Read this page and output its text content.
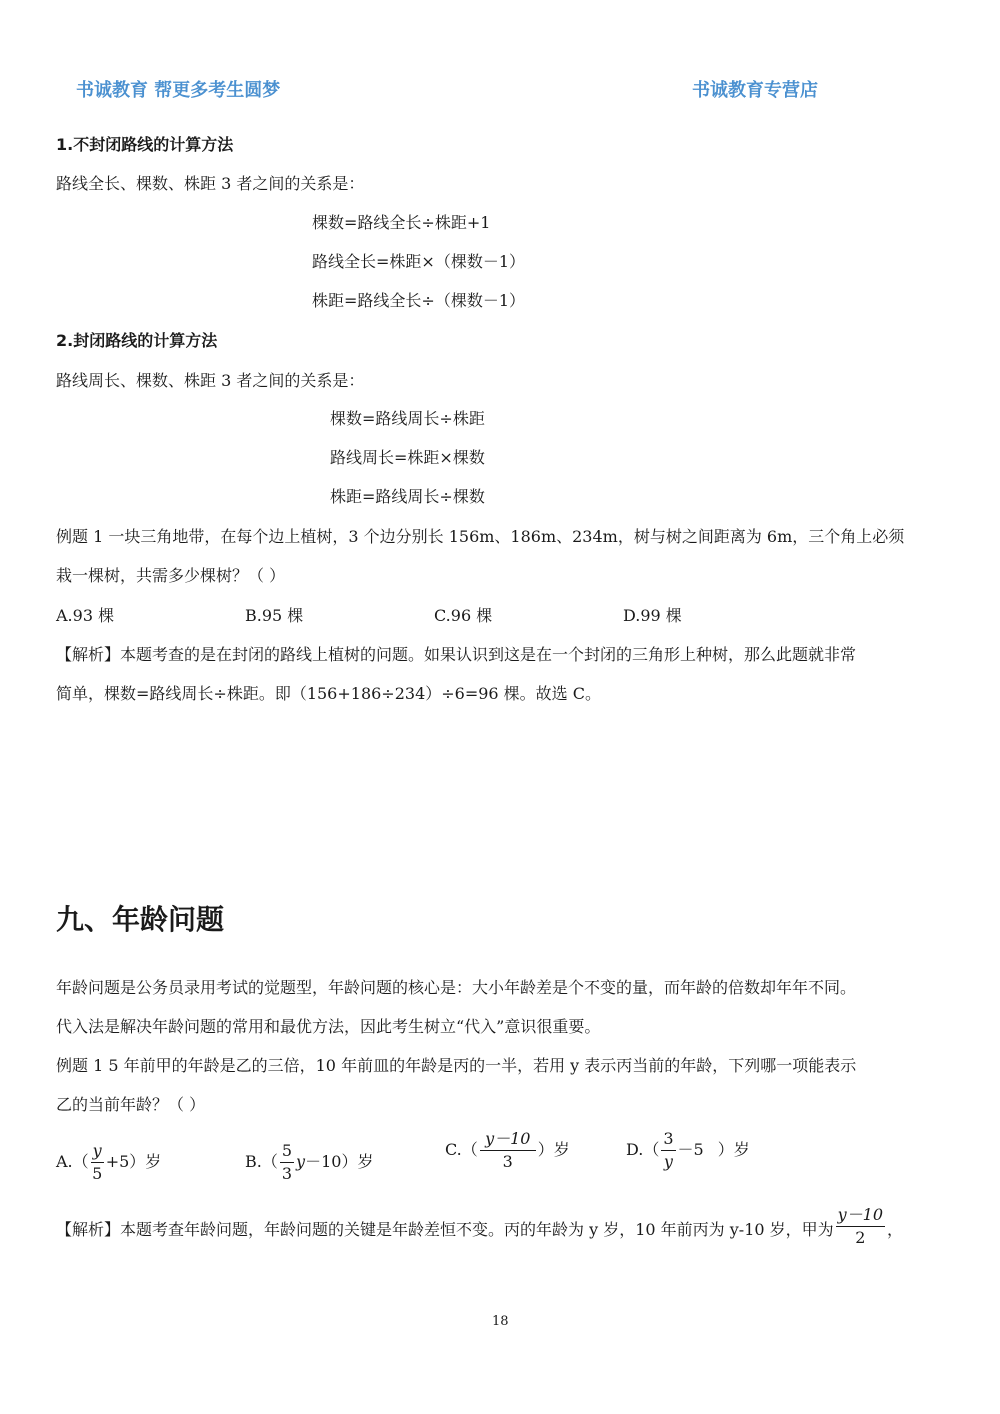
书诚教育 帮更多考生圆梦	书诚教育专营店
1.不封闭路线的计算方法
路线全长、棵数、株距 3 者之间的关系是：
棵数=路线全长÷株距+1
路线全长=株距×（棵数－1）
株距=路线全长÷（棵数－1）
2.封闭路线的计算方法
路线周长、棵数、株距 3 者之间的关系是：
棵数=路线周长÷株距
路线周长=株距×棵数
株距=路线周长÷棵数
例题 1 一块三角地带，在每个边上植树，3 个边分别长 156m、186m、234m，树与树之间距离为 6m，三个角上必须
栽一棵树，共需多少棵树？（ ）
A.93 棵	B.95 棵	C.96 棵	D.99 棵
【解析】本题考查的是在封闭的路线上植树的问题。如果认识到这是在一个封闭的三角形上种树，那么此题就非常
简单，棵数=路线周长÷株距。即（156+186÷234）÷6=96 棵。故选 C。
九、年龄问题
年龄问题是公务员录用考试的觉题型，年龄问题的核心是：大小年龄差是个不变的量，而年龄的倍数却年年不同。
代入法是解决年龄问题的常用和最优方法，因此考生树立“代入”意识很重要。
例题 1 5 年前甲的年龄是乙的三倍，10 年前皿的年龄是丙的一半，若用 y 表示丙当前的年龄，下列哪一项能表示
乙的当前年龄？（ ）
$A.( \frac{y}{5} +5)$岁	$B.( \frac{5}{3} y-10)$岁
$C.( \frac{y-10}{3}$ ）岁	$D.( \frac{3}{y} -5$ ）岁
【解析】本题考查年龄问题，年龄问题的关键是年龄差恒不变。丙的年龄为 y 岁，10 年前丙为 y-10 岁，甲为 $\frac{y-10}{2}$ ，
18
